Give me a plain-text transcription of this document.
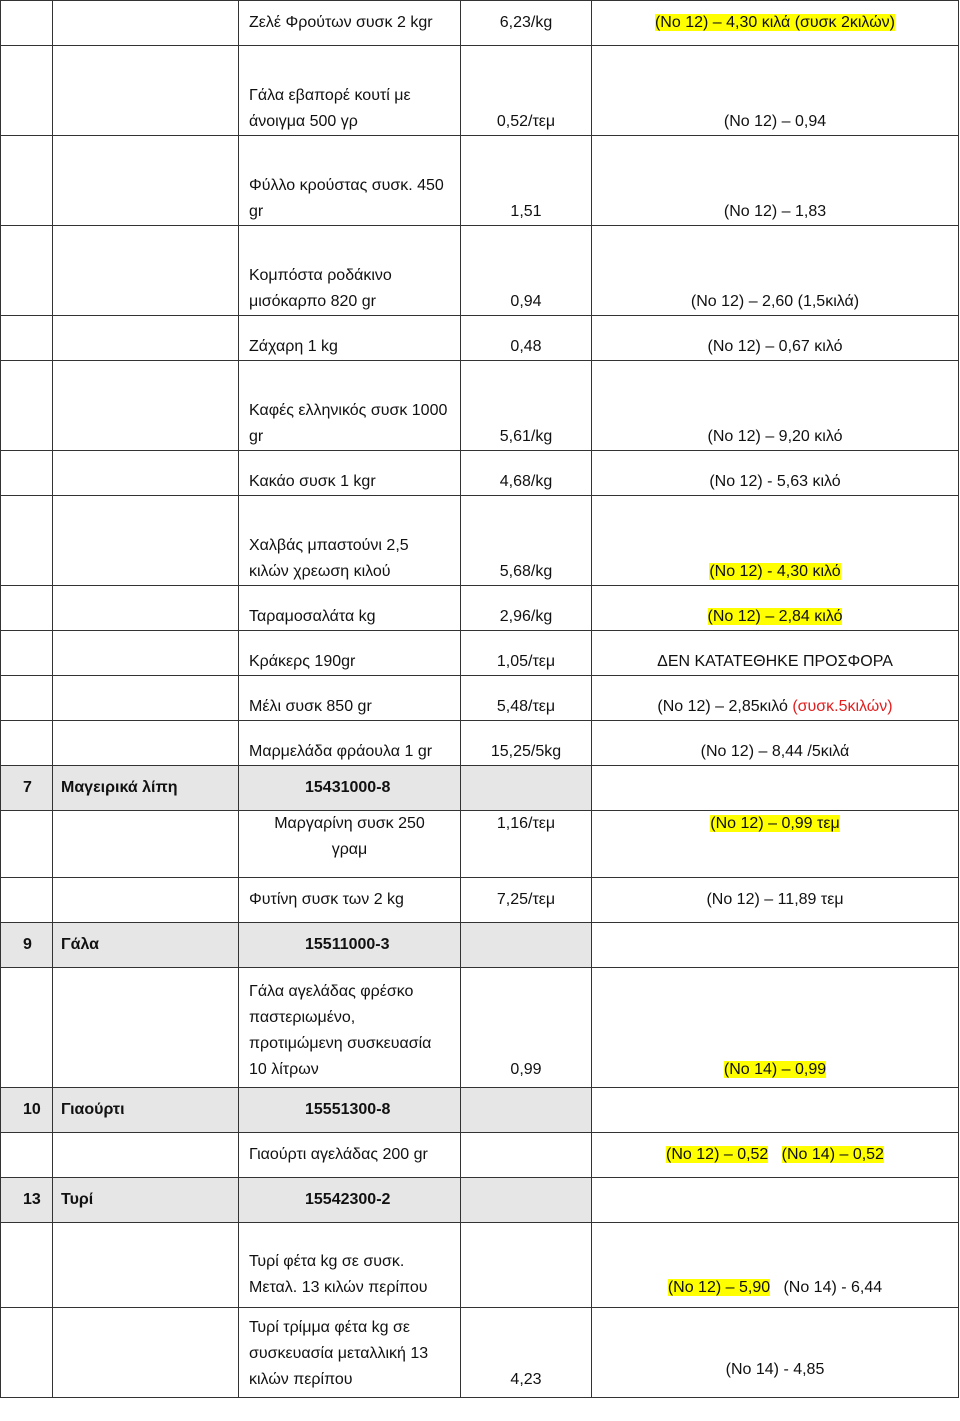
		Ζελέ Φρούτων συσκ 2 kgr	6,23/kg	(Νο 12) – 4,30 κιλά (συσκ 2κιλών)
		Γάλα εβαπορέ κουτί με άνοιγμα 500 γρ	0,52/τεμ	(Νο 12) – 0,94
		Φύλλο κρούστας συσκ. 450 gr	1,51	(Νο 12) – 1,83
		Κομπόστα ροδάκινο μισόκαρπο 820 gr	0,94	(Νο 12) – 2,60 (1,5κιλά)
		Ζάχαρη 1 kg	0,48	(Νο 12) – 0,67 κιλό
		Καφές ελληνικός συσκ 1000 gr	5,61/kg	(Νο 12) – 9,20 κιλό
		Κακάο συσκ 1 kgr	4,68/kg	(Νο 12) - 5,63 κιλό
		Χαλβάς μπαστούνι 2,5 κιλών χρεωση κιλού	5,68/kg	(Νο 12) - 4,30 κιλό
		Ταραμοσαλάτα kg	2,96/kg	(Νο 12) – 2,84 κιλό
		Κράκερς 190gr	1,05/τεμ	ΔΕΝ ΚΑΤΑΤΕΘΗΚΕ ΠΡΟΣΦΟΡΑ
		Μέλι συσκ 850 gr	5,48/τεμ	(Νο 12) – 2,85κιλό (συσκ.5κιλών)
		Μαρμελάδα φράουλα 1 gr	15,25/5kg	(Νο 12) – 8,44 /5κιλά
7	Μαγειρικά λίπη	15431000-8		

		Μαργαρίνη συσκ 250
γραμ	1,16/τεμ	(Νο 12) – 0,99 τεμ
		Φυτίνη συσκ των 2 kg	7,25/τεμ	(Νο 12) – 11,89 τεμ
9	Γάλα	15511000-3		

		Γάλα αγελάδας φρέσκο
παστεριωμένο,
προτιμώμενη συσκευασία
10 λίτρων	0,99	(Νο 14) – 0,99
10	Γιαούρτι	15551300-8		
		Γιαούρτι αγελάδας 200 gr		(Νο 12) – 0,52 (Νο 14) – 0,52
13	Τυρί	15542300-2		

		Τυρί φέτα kg σε συσκ.
Μεταλ. 13 κιλών περίπου		(Νο 12) – 5,90 (Νο 14) - 6,44

		Τυρί τρίμμα φέτα kg σε
συσκευασία μεταλλική 13
κιλών περίπου	4,23	(Νο 14) - 4,85
